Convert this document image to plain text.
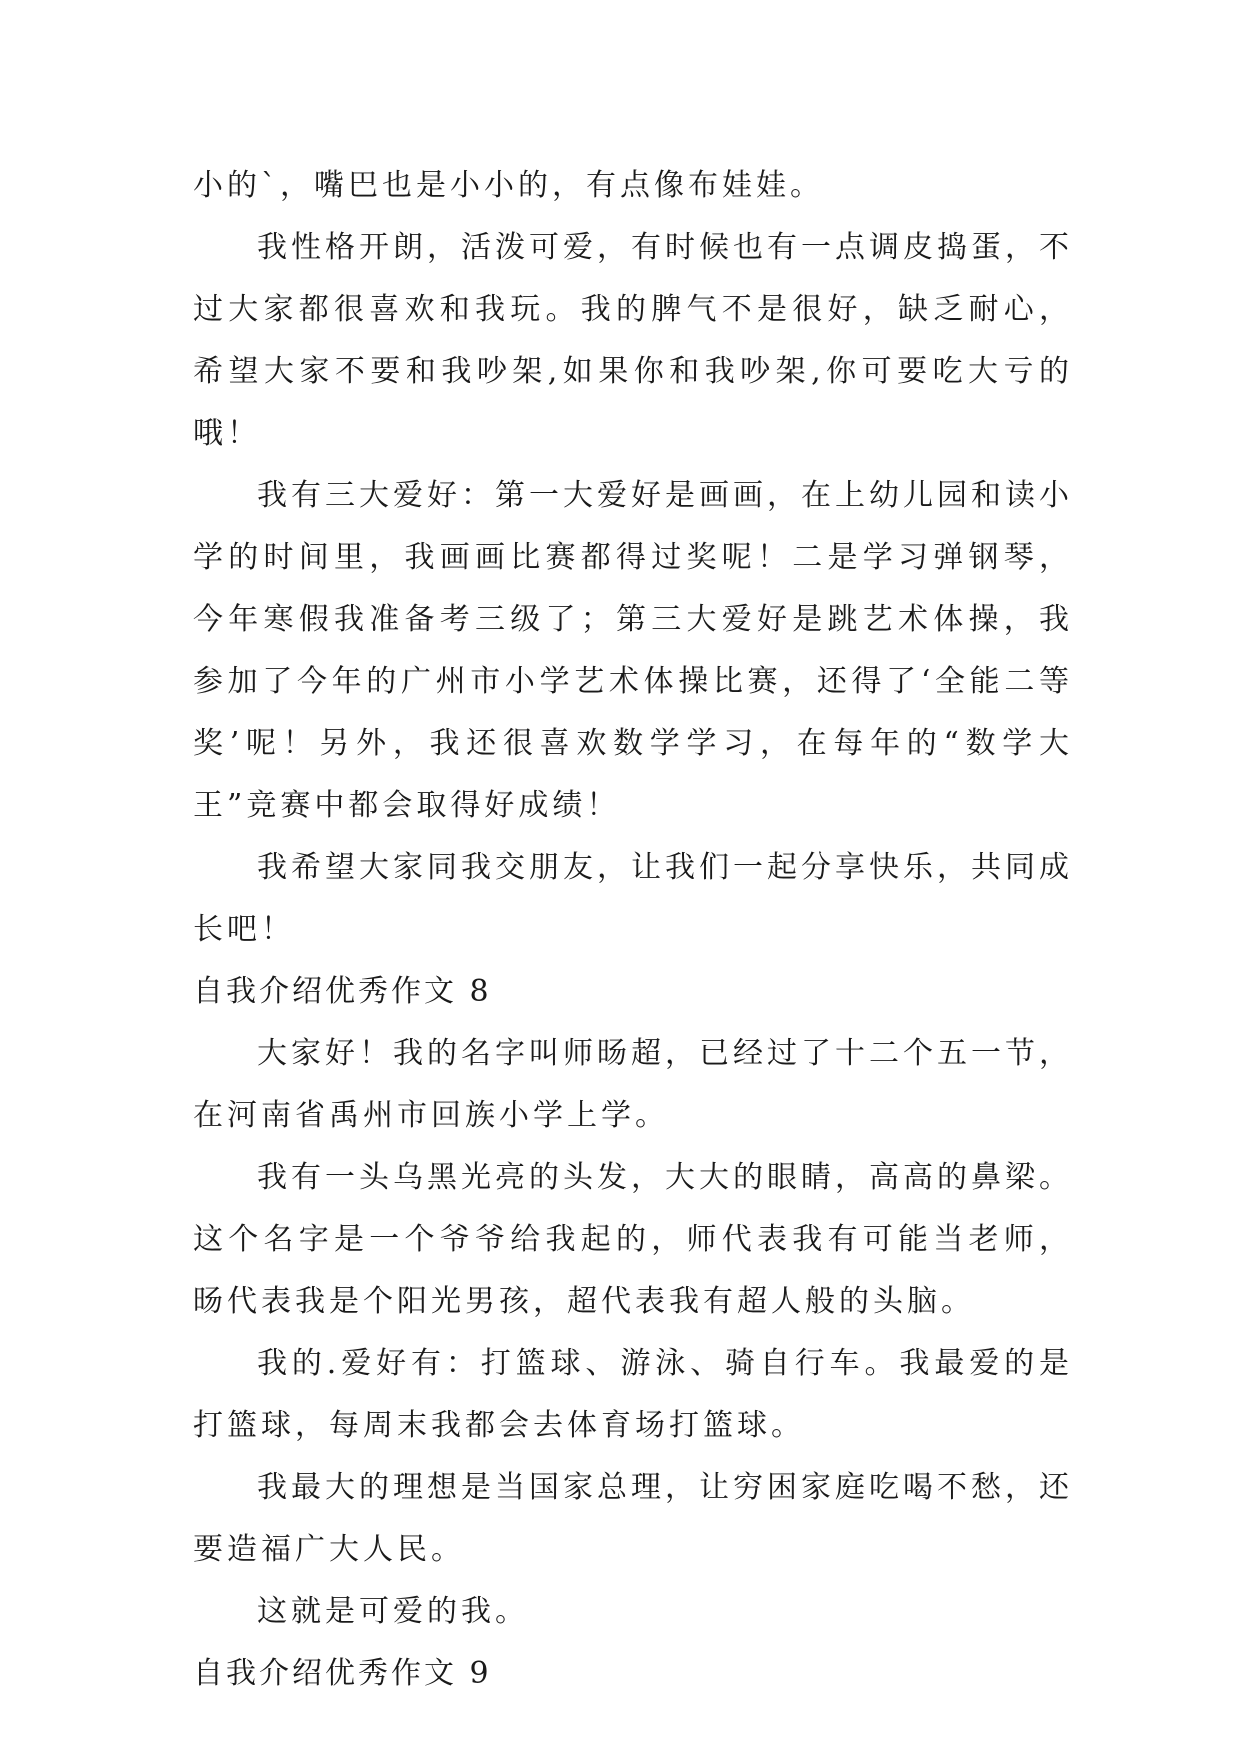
小的`，嘴巴也是小小的，有点像布娃娃。

我性格开朗，活泼可爱，有时候也有一点调皮捣蛋，不过大家都很喜欢和我玩。我的脾气不是很好，缺乏耐心，希望大家不要和我吵架,如果你和我吵架,你可要吃大亏的哦！

我有三大爱好：第一大爱好是画画，在上幼儿园和读小学的时间里，我画画比赛都得过奖呢！二是学习弹钢琴，今年寒假我准备考三级了；第三大爱好是跳艺术体操，我参加了今年的广州市小学艺术体操比赛，还得了‘全能二等奖’呢！另外，我还很喜欢数学学习，在每年的“数学大王”竞赛中都会取得好成绩！

我希望大家同我交朋友，让我们一起分享快乐，共同成长吧！

自我介绍优秀作文 8

大家好！我的名字叫师旸超，已经过了十二个五一节，在河南省禹州市回族小学上学。

我有一头乌黑光亮的头发，大大的眼睛，高高的鼻梁。这个名字是一个爷爷给我起的，师代表我有可能当老师，旸代表我是个阳光男孩，超代表我有超人般的头脑。

我的.爱好有：打篮球、游泳、骑自行车。我最爱的是打篮球，每周末我都会去体育场打篮球。

我最大的理想是当国家总理，让穷困家庭吃喝不愁，还要造福广大人民。

这就是可爱的我。

自我介绍优秀作文 9
